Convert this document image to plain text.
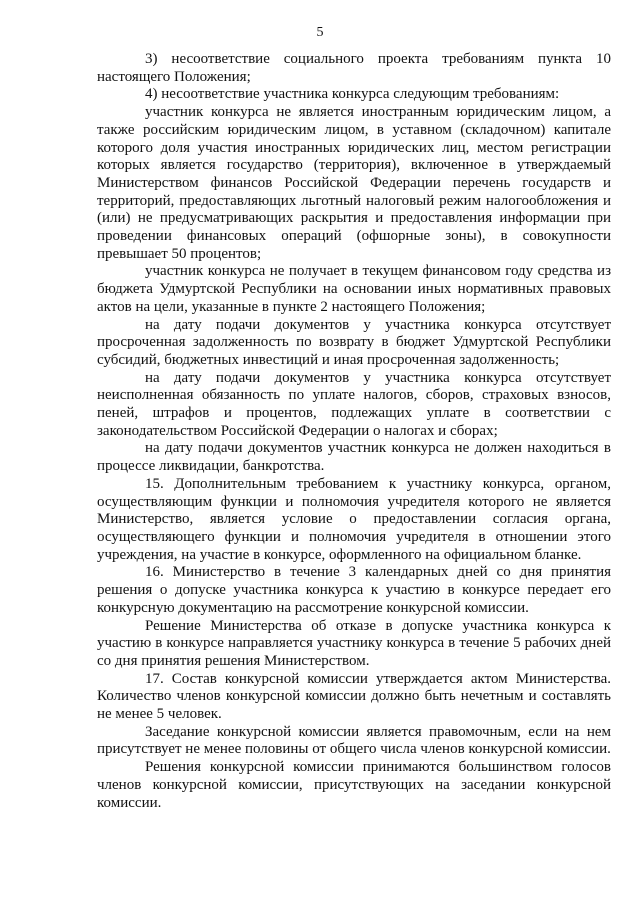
5

3) несоответствие социального проекта требованиям пункта 10 настоящего Положения;

4) несоответствие участника конкурса следующим требованиям:

участник конкурса не является иностранным юридическим лицом, а также российским юридическим лицом, в уставном (складочном) капитале которого доля участия иностранных юридических лиц, местом регистрации которых является государство (территория), включенное в утверждаемый Министерством финансов Российской Федерации перечень государств и территорий, предоставляющих льготный налоговый режим налогообложения и (или) не предусматривающих раскрытия и предоставления информации при проведении финансовых операций (офшорные зоны), в совокупности превышает 50 процентов;

участник конкурса не получает в текущем финансовом году средства из бюджета Удмуртской Республики на основании иных нормативных правовых актов на цели, указанные в пункте 2 настоящего Положения;

на дату подачи документов у участника конкурса отсутствует просроченная задолженность по возврату в бюджет Удмуртской Республики субсидий, бюджетных инвестиций и иная просроченная задолженность;

на дату подачи документов у участника конкурса отсутствует неисполненная обязанность по уплате налогов, сборов, страховых взносов, пеней, штрафов и процентов, подлежащих уплате в соответствии с законодательством Российской Федерации о налогах и сборах;

на дату подачи документов участник конкурса не должен находиться в процессе ликвидации, банкротства.

15. Дополнительным требованием к участнику конкурса, органом, осуществляющим функции и полномочия учредителя которого не является Министерство, является условие о предоставлении согласия органа, осуществляющего функции и полномочия учредителя в отношении этого учреждения, на участие в конкурсе, оформленного на официальном бланке.

16. Министерство в течение 3 календарных дней со дня принятия решения о допуске участника конкурса к участию в конкурсе передает его конкурсную документацию на рассмотрение конкурсной комиссии.

Решение Министерства об отказе в допуске участника конкурса к участию в конкурсе направляется участнику конкурса в течение 5 рабочих дней со дня принятия решения Министерством.

17. Состав конкурсной комиссии утверждается актом Министерства. Количество членов конкурсной комиссии должно быть нечетным и составлять не менее 5 человек.

Заседание конкурсной комиссии является правомочным, если на нем присутствует не менее половины от общего числа членов конкурсной комиссии.

Решения конкурсной комиссии принимаются большинством голосов членов конкурсной комиссии, присутствующих на заседании конкурсной комиссии.
